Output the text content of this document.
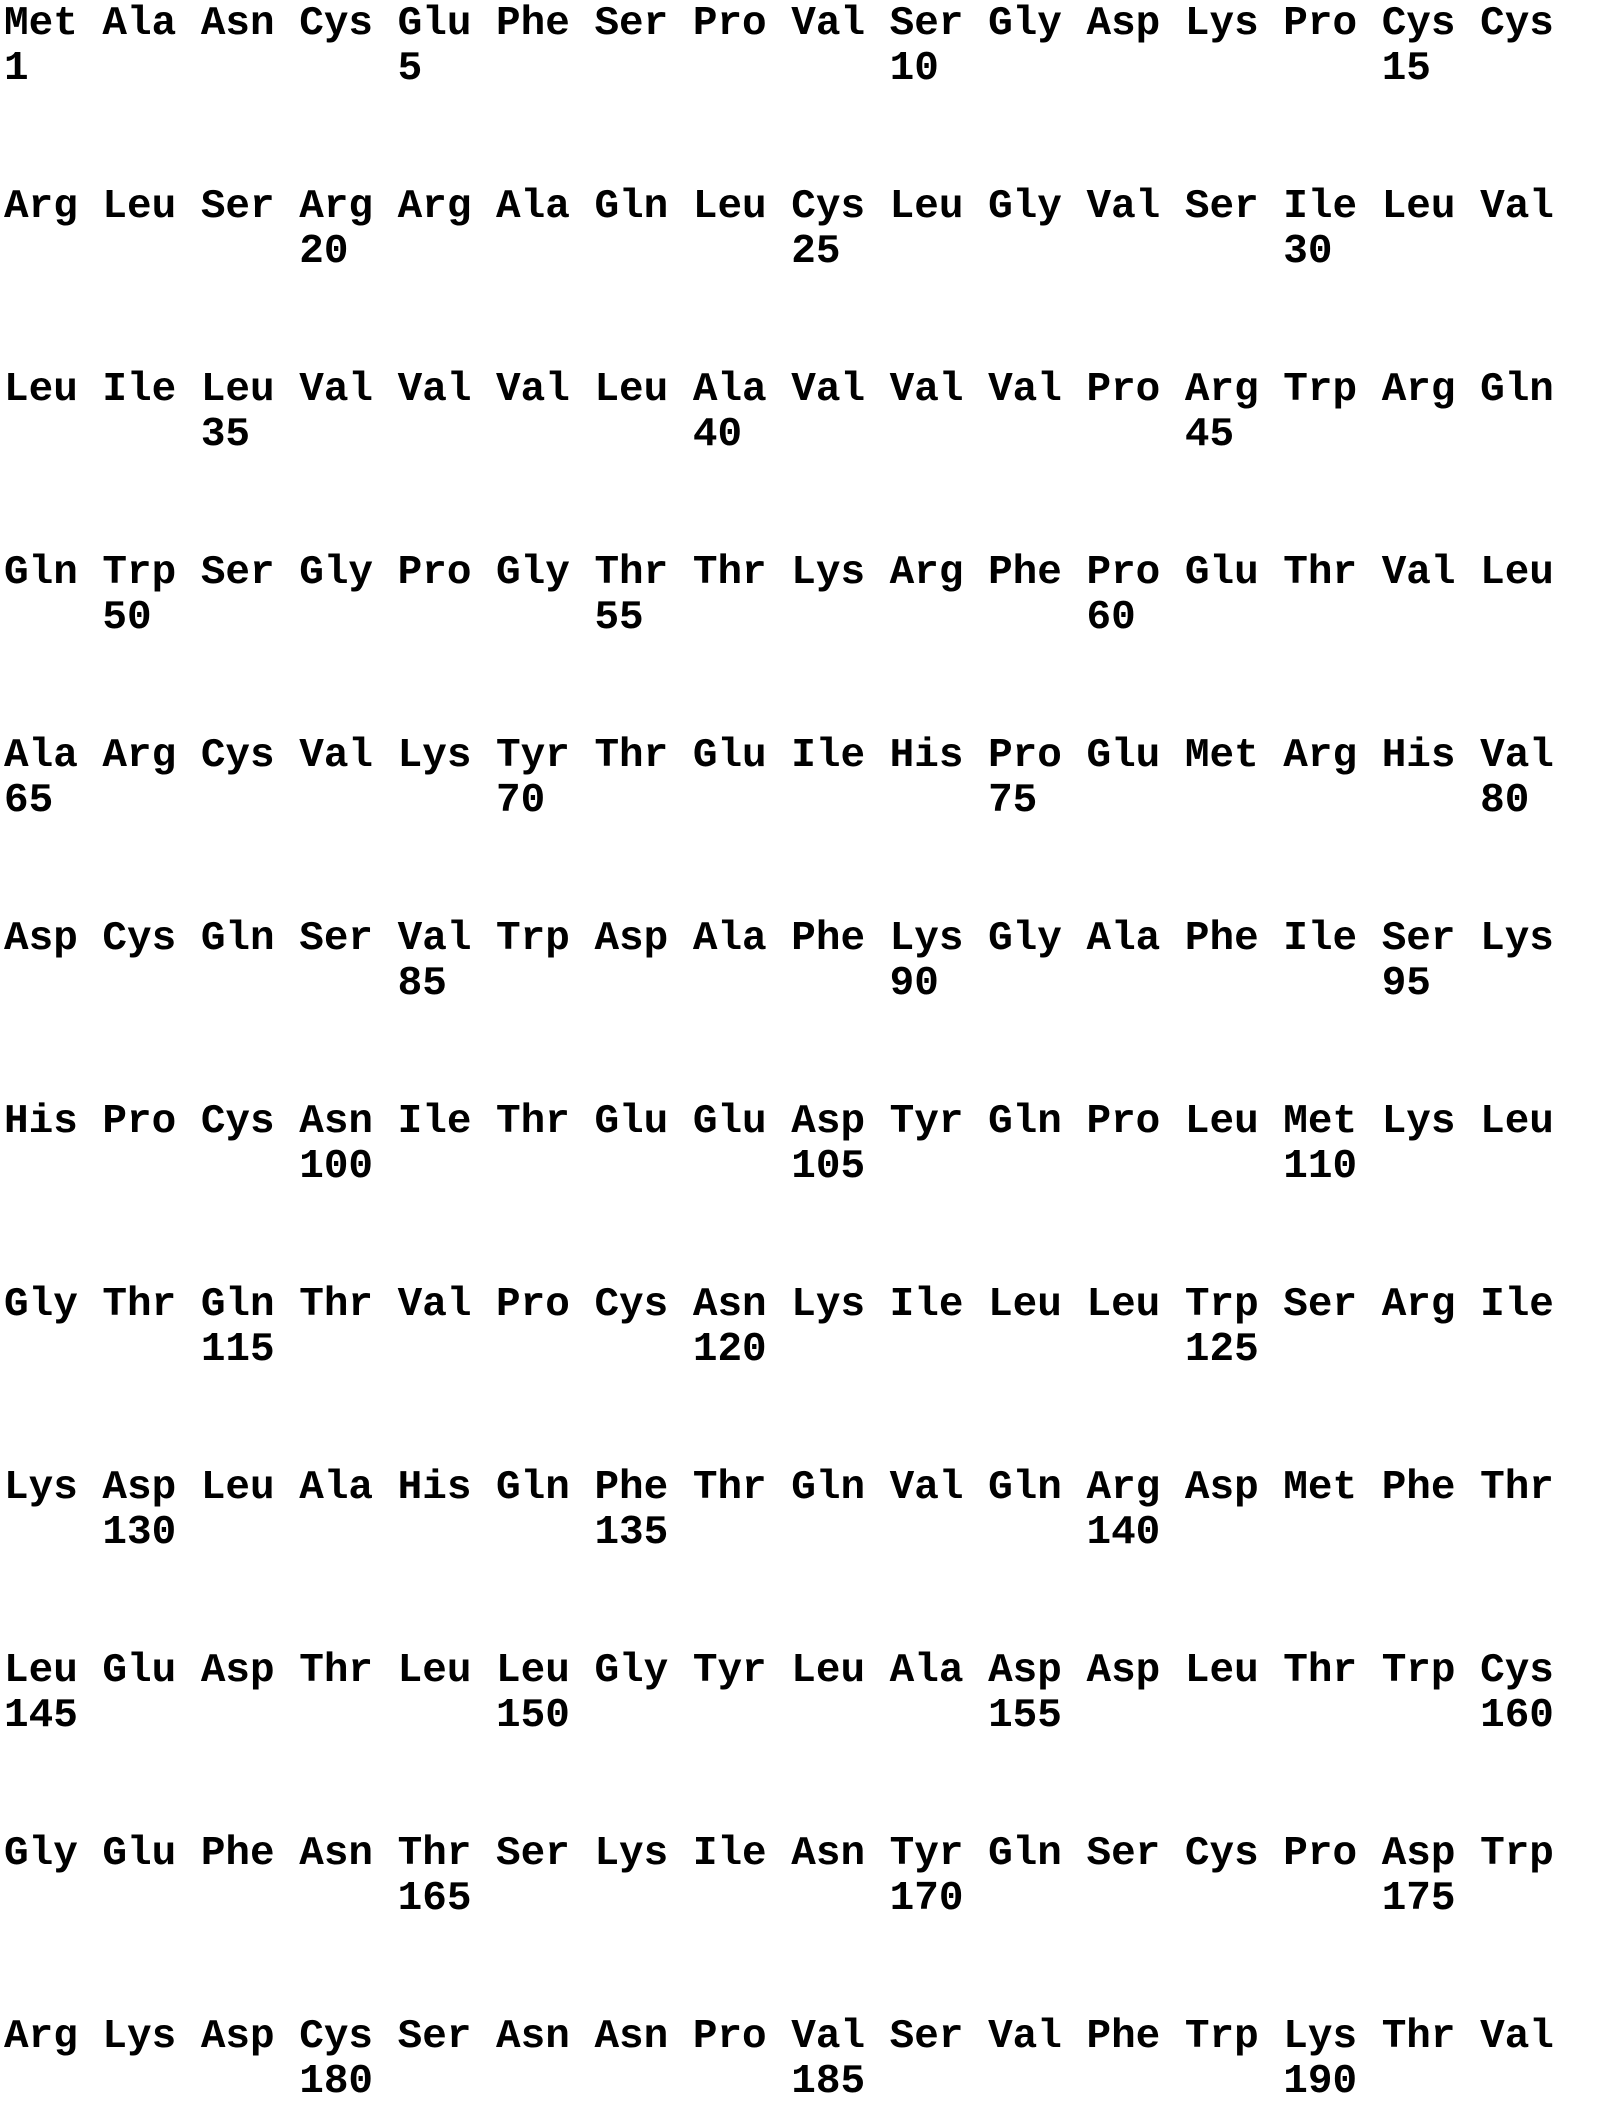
Met Ala Asn Cys Glu Phe Ser Pro Val Ser Gly Asp Lys Pro Cys Cys
1	5	10	15
Arg Leu Ser Arg Arg Ala Gln Leu Cys Leu Gly Val Ser Ile Leu Val
20	25	30
Leu Ile Leu Val Val Val Leu Ala Val Val Val Pro Arg Trp Arg Gln
35	40	45
Gln Trp Ser Gly Pro Gly Thr Thr Lys Arg Phe Pro Glu Thr Val Leu
50	55	60
Ala Arg Cys Val Lys Tyr Thr Glu Ile His Pro Glu Met Arg His Val
65	70	75	80
Asp Cys Gln Ser Val Trp Asp Ala Phe Lys Gly Ala Phe Ile Ser Lys
85	90	95
His Pro Cys Asn Ile Thr Glu Glu Asp Tyr Gln Pro Leu Met Lys Leu
100	105	110
Gly Thr Gln Thr Val Pro Cys Asn Lys Ile Leu Leu Trp Ser Arg Ile
115	120	125
Lys Asp Leu Ala His Gln Phe Thr Gln Val Gln Arg Asp Met Phe Thr
130	135	140
Leu Glu Asp Thr Leu Leu Gly Tyr Leu Ala Asp Asp Leu Thr Trp Cys
145	150	155	160
Gly Glu Phe Asn Thr Ser Lys Ile Asn Tyr Gln Ser Cys Pro Asp Trp
165	170	175
Arg Lys Asp Cys Ser Asn Asn Pro Val Ser Val Phe Trp Lys Thr Val
180	185	190
